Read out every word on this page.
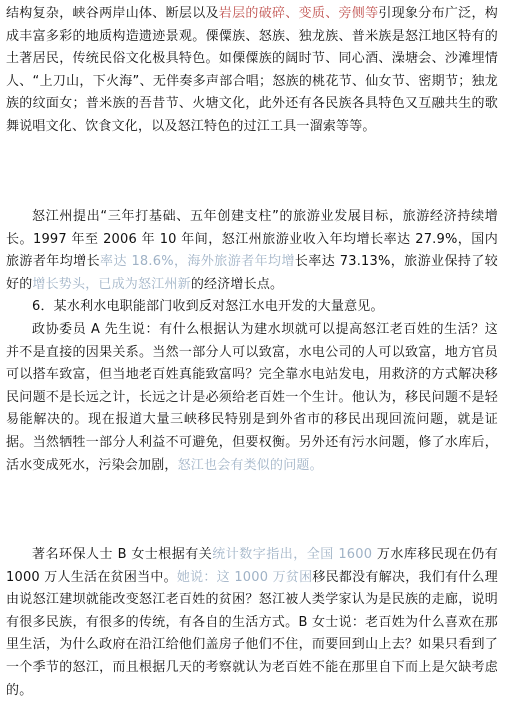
结构复杂，峡谷两岸山体、断层以及岩层的破碎、变质、旁侧等引现象分布广泛，构成丰富多彩的地质构造遗迹景观。傈僳族、怒族、独龙族、普米族是怒江地区特有的土著居民，传统民俗文化极具特色。如傈僳族的阔时节、同心酒、澡塘会、沙滩埋情人、“上刀山，下火海”、无伴奏多声部合唱；怒族的桃花节、仙女节、密期节；独龙族的纹面女；普米族的吾昔节、火塘文化，此外还有各民族各具特色又互融共生的歌舞说唱文化、饮食文化，以及怒江特色的过江工具一溜索等等。

怒江州提出“三年打基础、五年创建支柱”的旅游业发展目标，旅游经济持续增长。1997 年至 2006 年 10 年间，怒江州旅游业收入年均增长率达 27.9%，国内旅游者年均增长率达 18.6%，海外旅游者年均增长率达 73.13%，旅游业保持了较好的增长势头，已成为怒江州新的经济增长点。

6．某水利水电职能部门收到反对怒江水电开发的大量意见。

政协委员 A 先生说：有什么根据认为建水坝就可以提高怒江老百姓的生活？这并不是直接的因果关系。当然一部分人可以致富，水电公司的人可以致富，地方官员可以搭车致富，但当地老百姓真能致富吗？完全靠水电站发电，用救济的方式解决移民问题不是长远之计，长远之计是必须给老百姓一个生计。他认为，移民问题不是轻易能解决的。现在报道大量三峡移民特别是到外省市的移民出现回流问题，就是证据。当然牺牲一部分人利益不可避免，但要权衡。另外还有污水问题，修了水库后，活水变成死水，污染会加剧，怒江也会有类似的问题。

著名环保人士 B 女士根据有关统计数字指出，全国 1600 万水库移民现在仍有 1000 万人生活在贫困当中。她说：这 1000 万贫困移民都没有解决，我们有什么理由说怒江建坝就能改变怒江老百姓的贫困？怒江被人类学家认为是民族的走廊，说明有很多民族，有很多的传统，有各自的生活方式。B 女士说：老百姓为什么喜欢在那里生活，为什么政府在沿江给他们盖房子他们不住，而要回到山上去？如果只看到了一个季节的怒江，而且根据几天的考察就认为老百姓不能在那里自下而上是欠缺考虑的。
